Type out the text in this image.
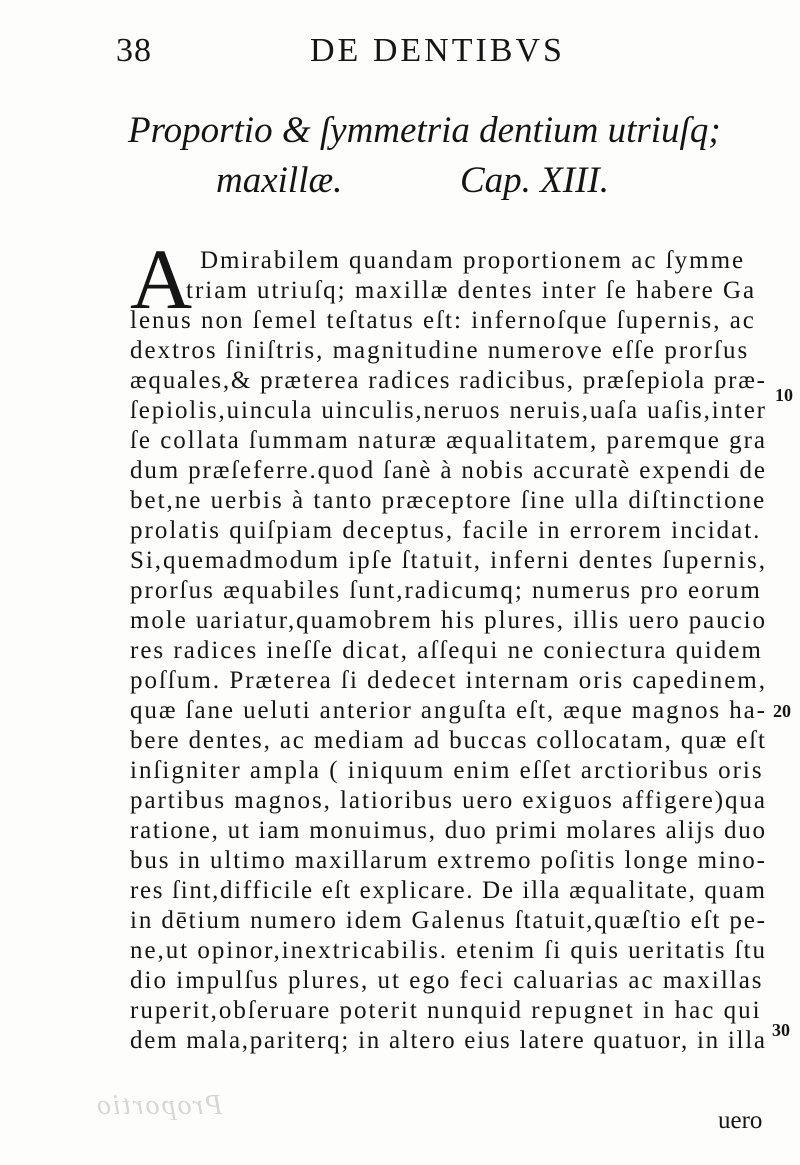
38	DE DENTIBVS
Proportio & ſymmetria dentium utriuſq;
maxillæ.	Cap. XIII.
A Dmirabilem quandam proportionem ac ſymme
triam utriuſq; maxillæ dentes inter ſe habere Ga
lenus non ſemel teſtatus eſt: infernoſque ſupernis, ac
dextros ſiniſtris, magnitudine numerove eſſe prorſus
æquales,& præterea radices radicibus, præſepiola præ-
ſepiolis,uincula uinculis,neruos neruis,uaſa uaſis,inter
ſe collata ſummam naturæ æqualitatem, paremque gra
dum præſeferre.quod ſanè à nobis accuratè expendi de
bet,ne uerbis à tanto præceptore ſine ulla diſtinctione
prolatis quiſpiam deceptus, facile in errorem incidat.
Si,quemadmodum ipſe ſtatuit, inferni dentes ſupernis,
prorſus æquabiles ſunt,radicumq; numerus pro eorum
mole uariatur,quamobrem his plures, illis uero paucio
res radices ineſſe dicat, aſſequi ne coniectura quidem
poſſum. Præterea ſi dedecet internam oris capedinem,
quæ ſane ueluti anterior anguſta eſt, æque magnos ha-
bere dentes, ac mediam ad buccas collocatam, quæ eſt
inſigniter ampla ( iniquum enim eſſet arctioribus oris
partibus magnos, latioribus uero exiguos affigere)qua
ratione, ut iam monuimus, duo primi molares alijs duo
bus in ultimo maxillarum extremo poſitis longe mino-
res ſint,difficile eſt explicare. De illa æqualitate, quam
in dētium numero idem Galenus ſtatuit,quæſtio eſt pe-
ne,ut opinor,inextricabilis. etenim ſi quis ueritatis ſtu
dio impulſus plures, ut ego feci caluarias ac maxillas
ruperit,obſeruare poterit nunquid repugnet in hac qui
dem mala,pariterq; in altero eius latere quatuor, in illa
uero
10
20
30
Proportio
